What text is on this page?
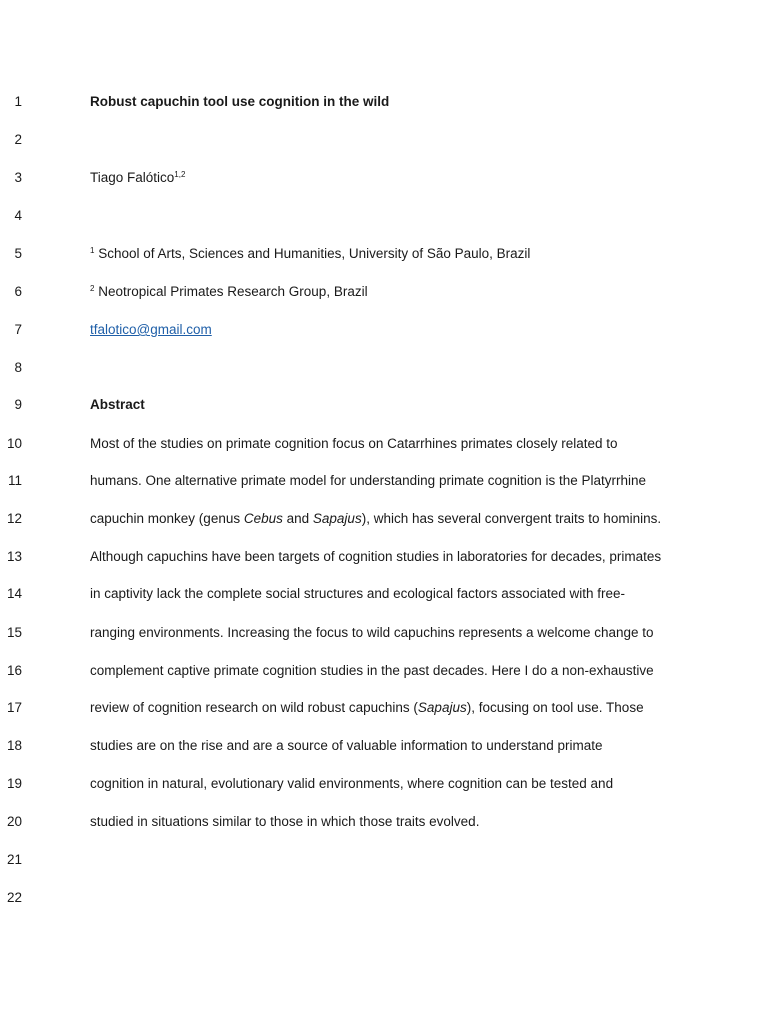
1	Robust capuchin tool use cognition in the wild
2
3	Tiago Falótico$^{1,2}$
4
5	$^1$ School of Arts, Sciences and Humanities, University of São Paulo, Brazil
6	$^2$ Neotropical Primates Research Group, Brazil
7	tfalotico@gmail.com
8
9	Abstract
10	Most of the studies on primate cognition focus on Catarrhines primates closely related to
11	humans. One alternative primate model for understanding primate cognition is the Platyrrhine
12	capuchin monkey (genus Cebus and Sapajus), which has several convergent traits to hominins.
13	Although capuchins have been targets of cognition studies in laboratories for decades, primates
14	in captivity lack the complete social structures and ecological factors associated with free-
15	ranging environments. Increasing the focus to wild capuchins represents a welcome change to
16	complement captive primate cognition studies in the past decades. Here I do a non-exhaustive
17	review of cognition research on wild robust capuchins (Sapajus), focusing on tool use. Those
18	studies are on the rise and are a source of valuable information to understand primate
19	cognition in natural, evolutionary valid environments, where cognition can be tested and
20	studied in situations similar to those in which those traits evolved.
21
22
